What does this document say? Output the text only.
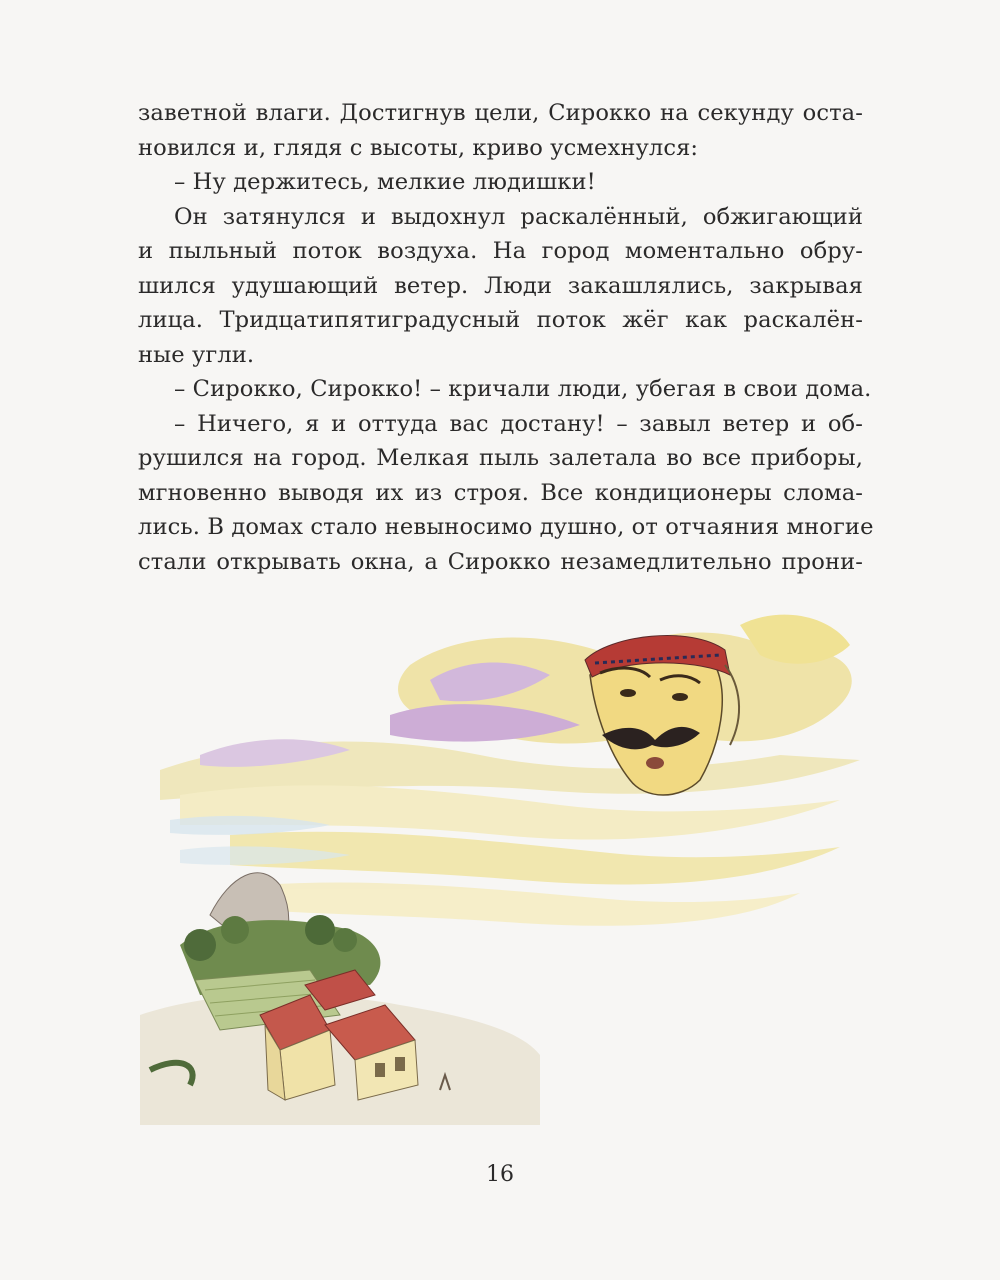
заветной влаги. Достигнув цели, Сирокко на секунду оста-
новился и, глядя с высоты, криво усмехнулся:
– Ну держитесь, мелкие людишки!
Он затянулся и выдохнул раскалённый, обжигающий
и пыльный поток воздуха. На город моментально обру-
шился удушающий ветер. Люди закашлялись, закрывая
лица. Тридцатипятиградусный поток жёг как раскалён-
ные угли.
– Сирокко, Сирокко! – кричали люди, убегая в свои дома.
– Ничего, я и оттуда вас достану! – завыл ветер и об-
рушился на город. Мелкая пыль залетала во все приборы,
мгновенно выводя их из строя. Все кондиционеры слома-
лись. В домах стало невыносимо душно, от отчаяния многие
стали открывать окна, а Сирокко незамедлительно прони-
16
